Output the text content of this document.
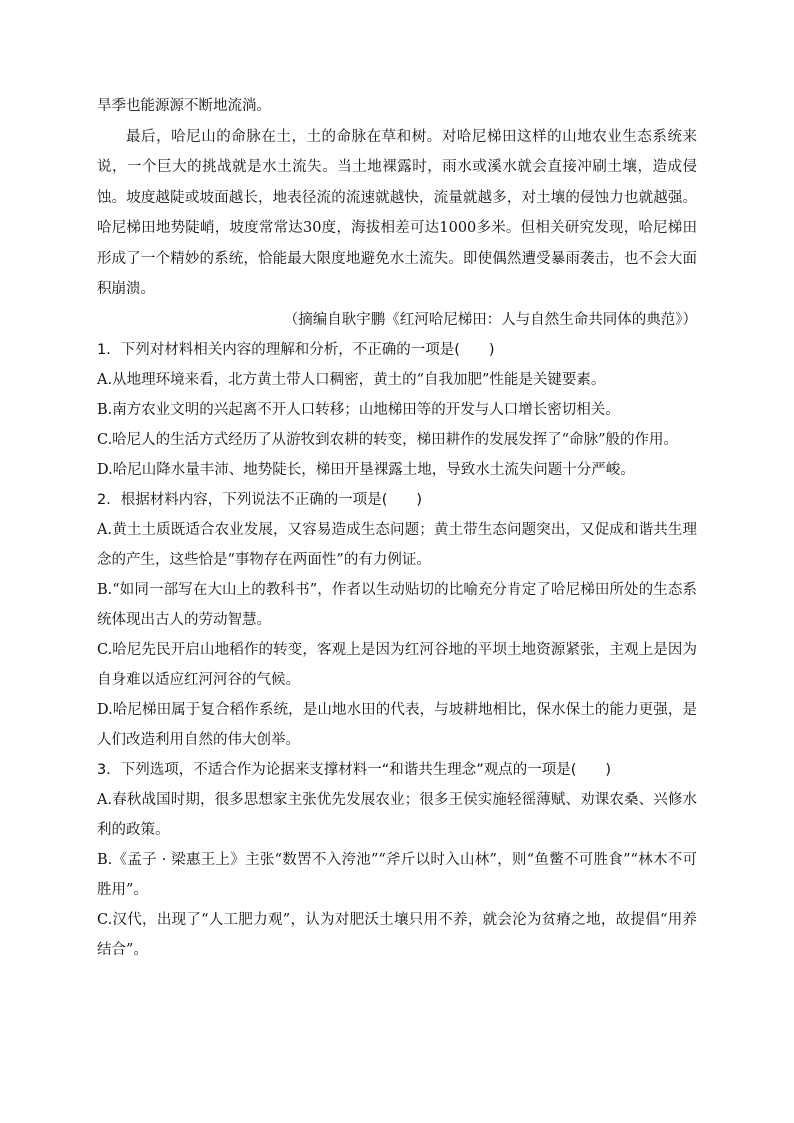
旱季也能源源不断地流淌。

最后，哈尼山的命脉在土，土的命脉在草和树。对哈尼梯田这样的山地农业生态系统来说，一个巨大的挑战就是水土流失。当土地裸露时，雨水或溪水就会直接冲刷土壤，造成侵蚀。坡度越陡或坡面越长，地表径流的流速就越快，流量就越多，对土壤的侵蚀力也就越强。哈尼梯田地势陡峭，坡度常常达30度，海拔相差可达1000多米。但相关研究发现，哈尼梯田形成了一个精妙的系统，恰能最大限度地避免水土流失。即使偶然遭受暴雨袭击，也不会大面积崩溃。

（摘编自耿宇鹏《红河哈尼梯田：人与自然生命共同体的典范》）

1．下列对材料相关内容的理解和分析，不正确的一项是(　　)

A.从地理环境来看，北方黄土带人口稠密，黄土的“自我加肥”性能是关键要素。

B.南方农业文明的兴起离不开人口转移；山地梯田等的开发与人口增长密切相关。

C.哈尼人的生活方式经历了从游牧到农耕的转变，梯田耕作的发展发挥了“命脉”般的作用。

D.哈尼山降水量丰沛、地势陡长，梯田开垦裸露土地，导致水土流失问题十分严峻。

2．根据材料内容，下列说法不正确的一项是(　　)

A.黄土土质既适合农业发展，又容易造成生态问题；黄土带生态问题突出，又促成和谐共生理念的产生，这些恰是“事物存在两面性”的有力例证。

B.“如同一部写在大山上的教科书”，作者以生动贴切的比喻充分肯定了哈尼梯田所处的生态系统体现出古人的劳动智慧。

C.哈尼先民开启山地稻作的转变，客观上是因为红河谷地的平坝土地资源紧张，主观上是因为自身难以适应红河河谷的气候。

D.哈尼梯田属于复合稻作系统，是山地水田的代表，与坡耕地相比，保水保土的能力更强，是人们改造利用自然的伟大创举。

3．下列选项，不适合作为论据来支撑材料一“和谐共生理念”观点的一项是(　　)

A.春秋战国时期，很多思想家主张优先发展农业；很多王侯实施轻徭薄赋、劝课农桑、兴修水利的政策。

B.《孟子 · 梁惠王上》主张“数罟不入洿池”“斧斤以时入山林”，则“鱼鳖不可胜食”“林木不可胜用”。

C.汉代，出现了“人工肥力观”，认为对肥沃土壤只用不养，就会沦为贫瘠之地，故提倡“用养结合”。
